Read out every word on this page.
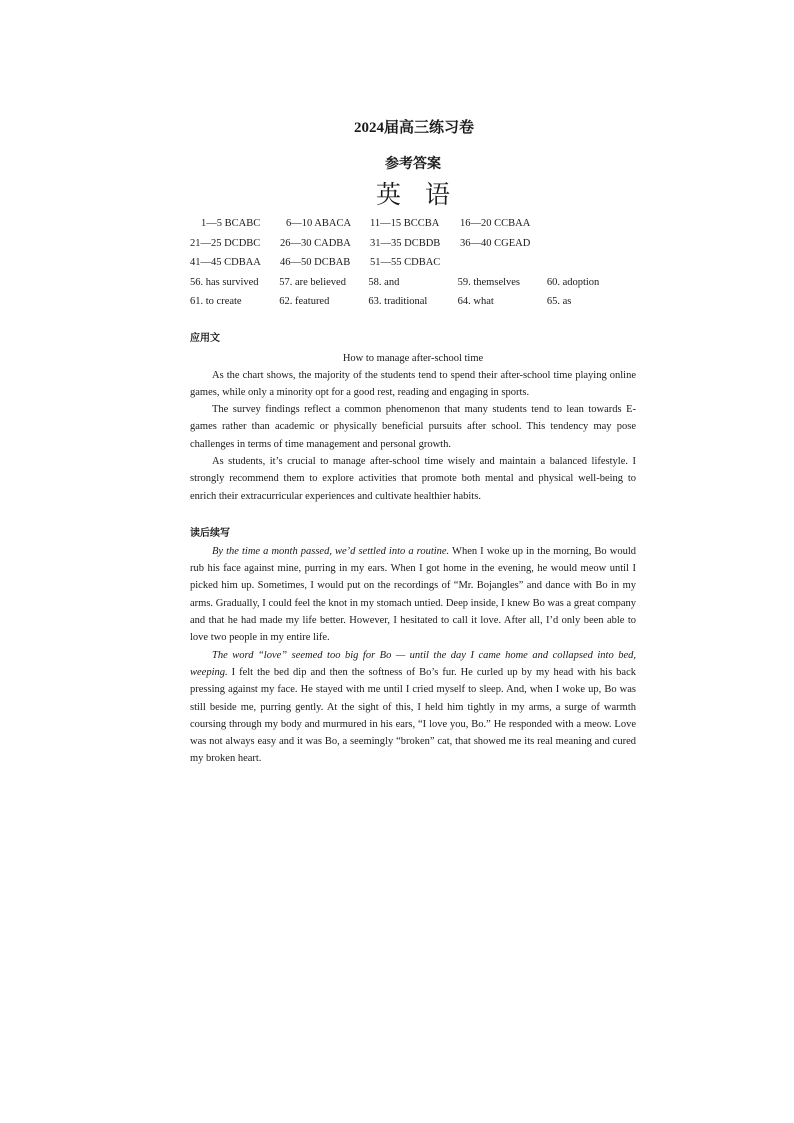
2024届高三练习卷
参考答案
英语
1—5 BCABC	6—10 ABACA	11—15 BCCBA	16—20 CCBAA
21—25 DCDBC	26—30 CADBA	31—35 DCBDB	36—40 CGEAD
41—45 CDBAA	46—50 DCBAB	51—55 CDBAC
56. has survived	57. are believed	58. and	59. themselves	60. adoption
61. to create	62. featured	63. traditional	64. what	65. as
应用文
How to manage after-school time

As the chart shows, the majority of the students tend to spend their after-school time playing online games, while only a minority opt for a good rest, reading and engaging in sports.

The survey findings reflect a common phenomenon that many students tend to lean towards E-games rather than academic or physically beneficial pursuits after school. This tendency may pose challenges in terms of time management and personal growth.

As students, it’s crucial to manage after-school time wisely and maintain a balanced lifestyle. I strongly recommend them to explore activities that promote both mental and physical well-being to enrich their extracurricular experiences and cultivate healthier habits.

读后续写

By the time a month passed, we’d settled into a routine. When I woke up in the morning, Bo would rub his face against mine, purring in my ears. When I got home in the evening, he would meow until I picked him up. Sometimes, I would put on the recordings of “Mr. Bojangles” and dance with Bo in my arms. Gradually, I could feel the knot in my stomach untied. Deep inside, I knew Bo was a great company and that he had made my life better. However, I hesitated to call it love. After all, I’d only been able to love two people in my entire life.

The word “love” seemed too big for Bo — until the day I came home and collapsed into bed, weeping. I felt the bed dip and then the softness of Bo’s fur. He curled up by my head with his back pressing against my face. He stayed with me until I cried myself to sleep. And, when I woke up, Bo was still beside me, purring gently. At the sight of this, I held him tightly in my arms, a surge of warmth coursing through my body and murmured in his ears, “I love you, Bo.” He responded with a meow. Love was not always easy and it was Bo, a seemingly “broken” cat, that showed me its real meaning and cured my broken heart.
